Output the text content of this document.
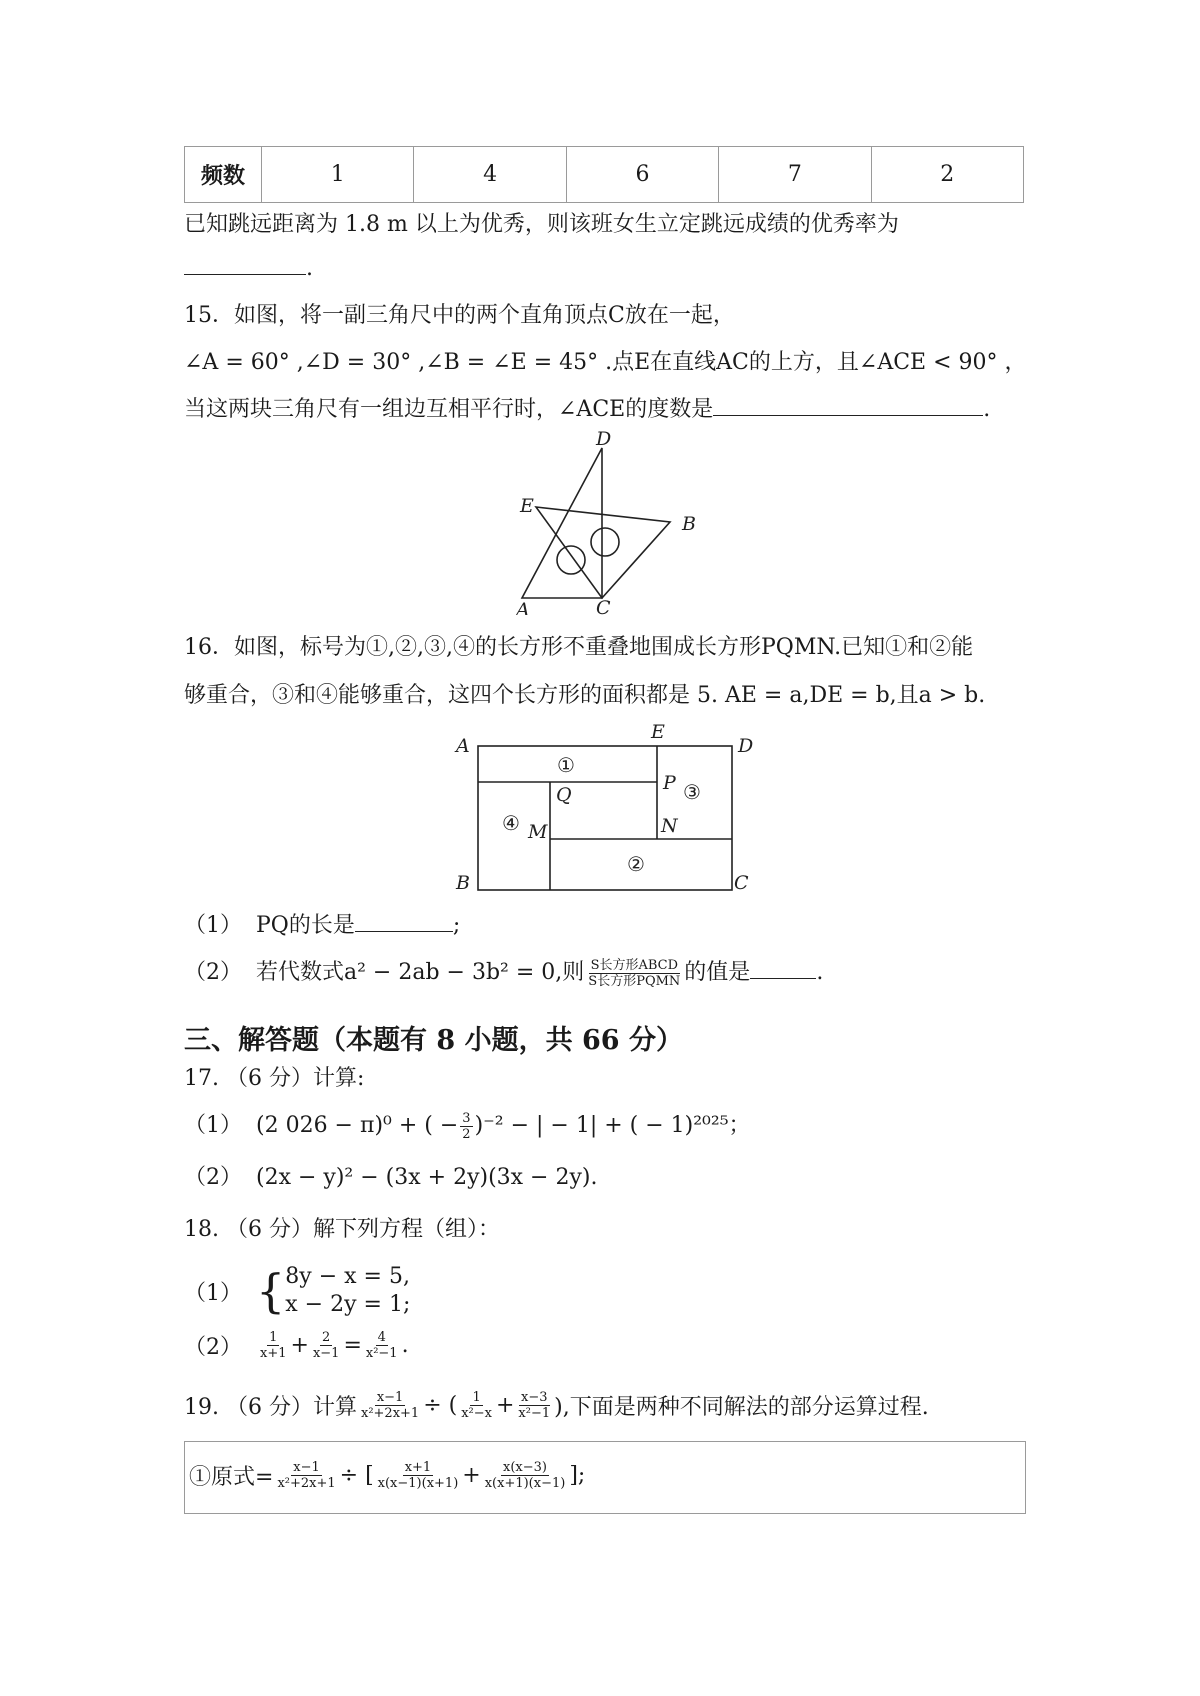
频数	1	4	6	7	2
已知跳远距离为 1.8 m 以上为优秀，则该班女生立定跳远成绩的优秀率为
.
15．如图，将一副三角尺中的两个直角顶点C放在一起，
∠A = 60° ,∠D = 30° ,∠B = ∠E = 45° .点E在直线AC的上方，且∠ACE < 90° ，
当这两块三角尺有一组边互相平行时，∠ACE的度数是	.
D
E
B
A	C
16．如图，标号为①,②,③,④的长方形不重叠地围成长方形PQMN.已知①和②能
够重合，③和④能够重合，这四个长方形的面积都是 5. AE = a,DE = b,且a > b.
A
E
D
B	C
P
Q
M	N
①
②
③
④
（1） PQ的长是	;
（2） 若代数式a² − 2ab − 3b² = 0,则 $\frac{\text{S长方形ABCD}}{\text{S长方形PQMN}}$ 的值是	.
三、解答题（本题有 8 小题，共 66 分）
17. （6 分）计算:
（1） (2 026 − π)⁰ + ( − $\frac{3}{2} )^{-2}$ − | − 1| + ( − 1)²⁰²⁵；
（2） (2x − y)² − (3x + 2y)(3x − 2y).
18. （6 分）解下列方程（组）：
（1）
{ 8y − x = 5,
x − 2y = 1;
（2）
$\frac{1}{x+1} + \frac{2}{x-1} = \frac{4}{\text{x²−1}}$ .
19. （6 分）计算 $\frac{x-1}{\text{x²+2x+1}}$ ÷ ( $\frac{1}{\text{x²−x}} + \frac{x-3}{\text{x²−1}}$ ),下面是两种不同解法的部分运算过程.
①原式= $\frac{x-1}{\text{x²+2x+1}}$ ÷ [ $\frac{x+1}{x(x-1)(x+1)} + \frac{x(x-3)}{x(x+1)(x-1)}$ ];
